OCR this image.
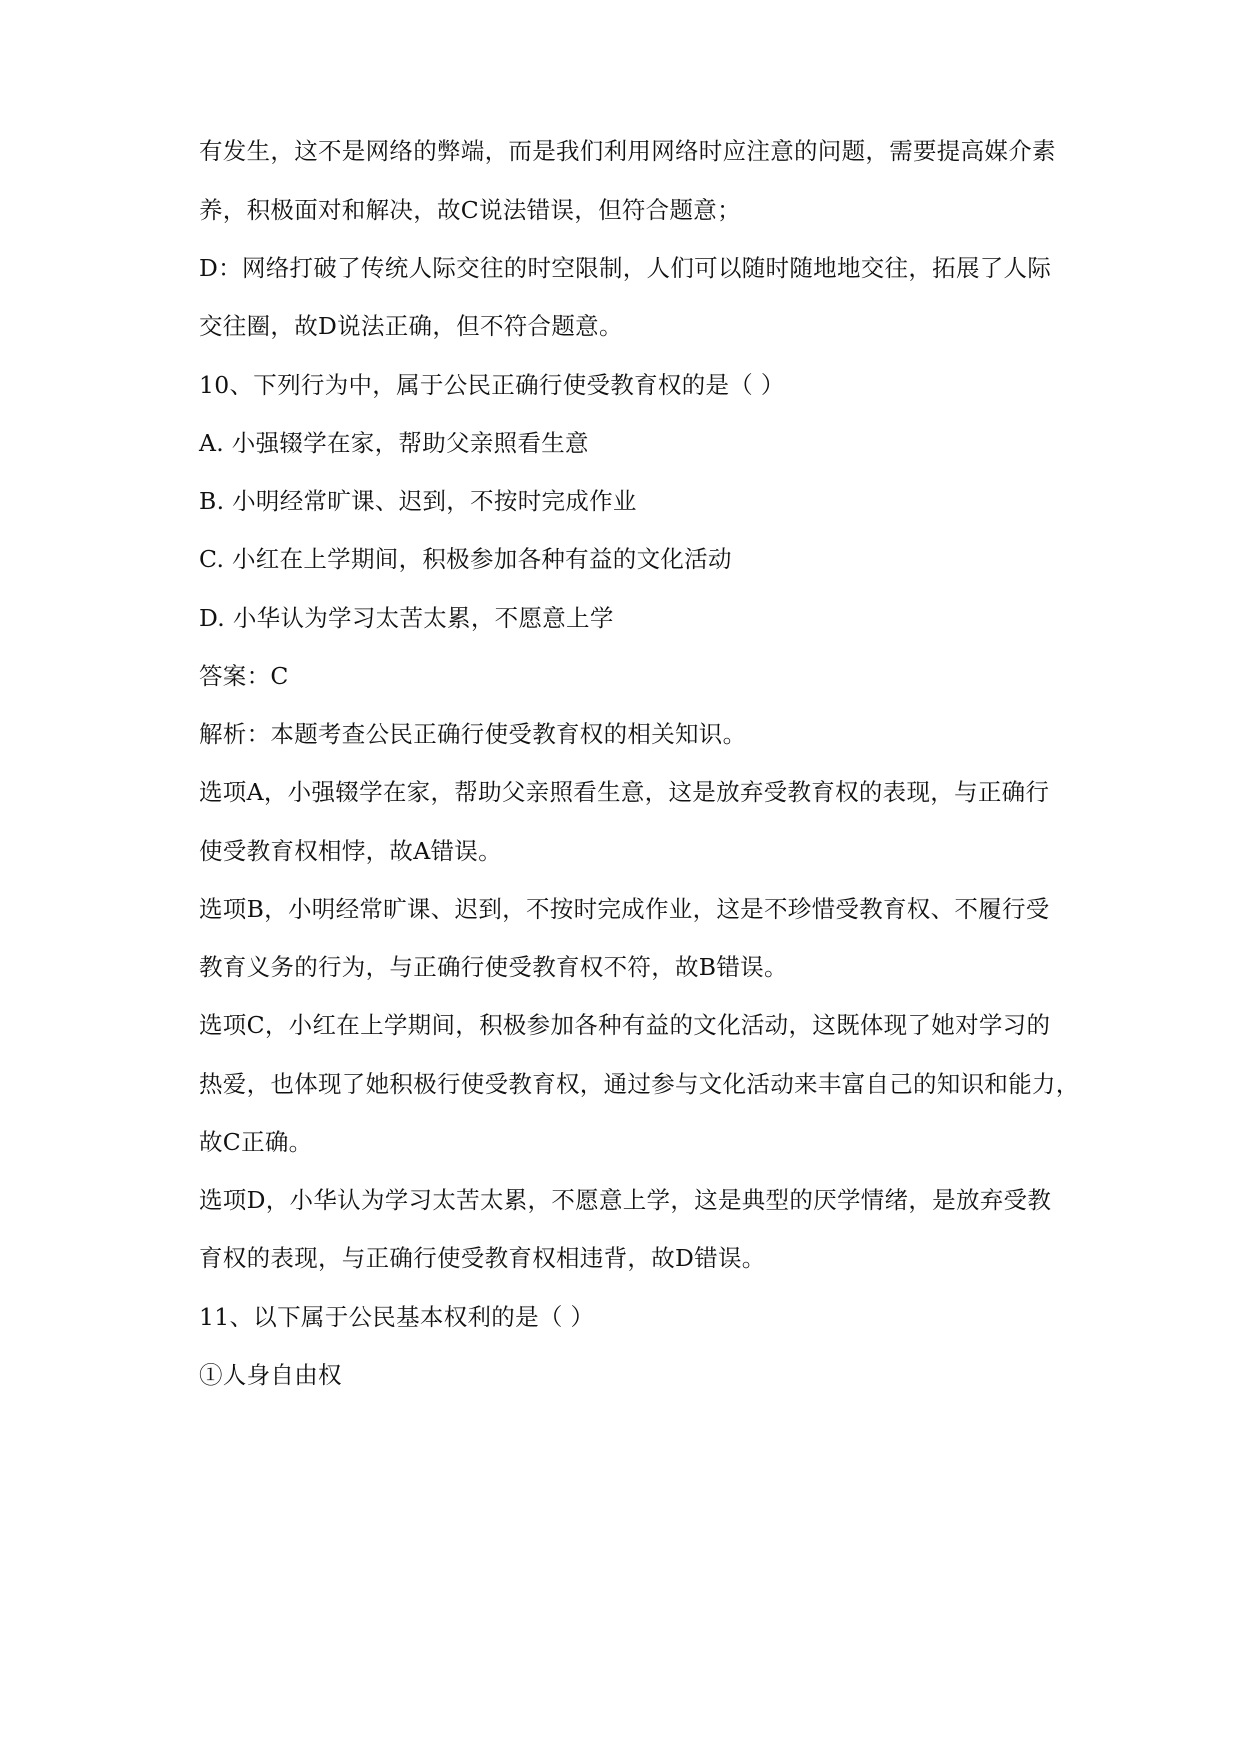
有发生，这不是网络的弊端，而是我们利用网络时应注意的问题，需要提高媒介素
养，积极面对和解决，故C说法错误，但符合题意；
D：网络打破了传统人际交往的时空限制，人们可以随时随地地交往，拓展了人际
交往圈，故D说法正确，但不符合题意。
10、下列行为中，属于公民正确行使受教育权的是（ ）
A. 小强辍学在家，帮助父亲照看生意
B. 小明经常旷课、迟到，不按时完成作业
C. 小红在上学期间，积极参加各种有益的文化活动
D. 小华认为学习太苦太累，不愿意上学
答案：C
解析：本题考查公民正确行使受教育权的相关知识。
选项A，小强辍学在家，帮助父亲照看生意，这是放弃受教育权的表现，与正确行
使受教育权相悖，故A错误。
选项B，小明经常旷课、迟到，不按时完成作业，这是不珍惜受教育权、不履行受
教育义务的行为，与正确行使受教育权不符，故B错误。
选项C，小红在上学期间，积极参加各种有益的文化活动，这既体现了她对学习的
热爱，也体现了她积极行使受教育权，通过参与文化活动来丰富自己的知识和能力，
故C正确。
选项D，小华认为学习太苦太累，不愿意上学，这是典型的厌学情绪，是放弃受教
育权的表现，与正确行使受教育权相违背，故D错误。
11、以下属于公民基本权利的是（ ）
①人身自由权
